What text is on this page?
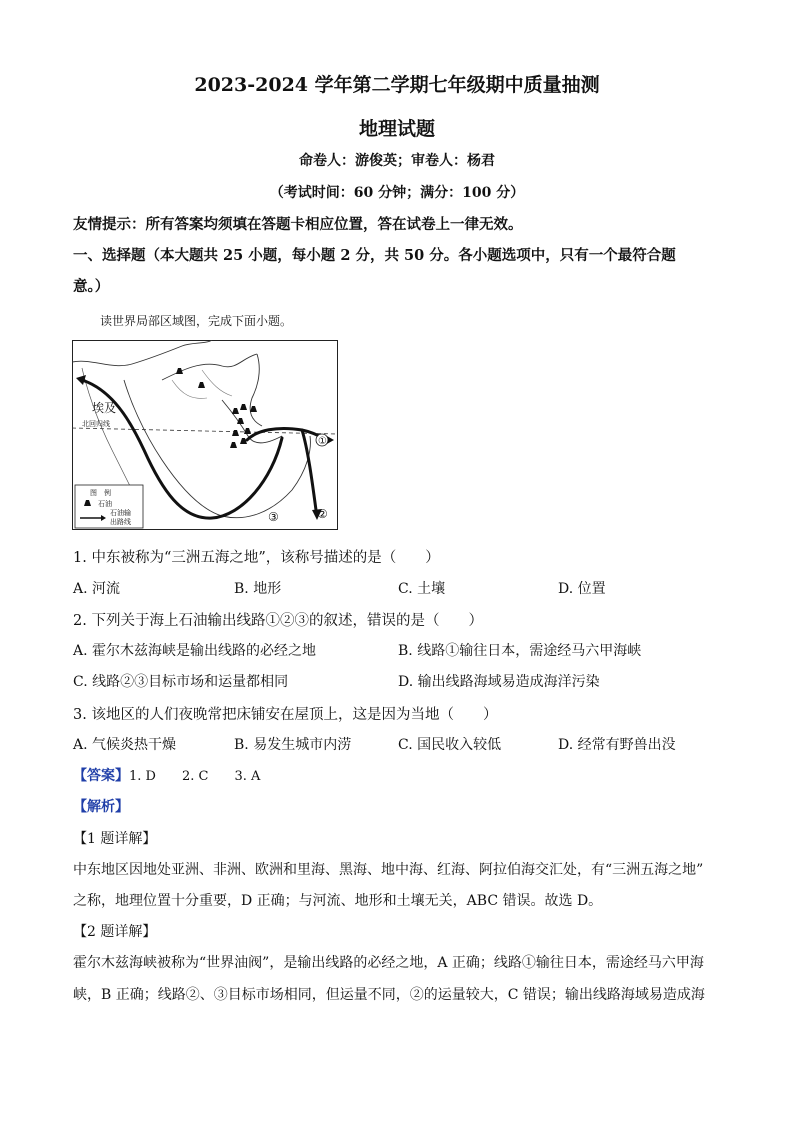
2023-2024 学年第二学期七年级期中质量抽测
地理试题
命卷人：游俊英；审卷人：杨君
（考试时间：60 分钟；满分：100 分）
友情提示：所有答案均须填在答题卡相应位置，答在试卷上一律无效。
一、选择题（本大题共 25 小题，每小题 2 分，共 50 分。各小题选项中，只有一个最符合题
意。）
读世界局部区域图，完成下面小题。
埃及
北回归线
①
②
③
图　例
石油
石油输
出路线
1. 中东被称为“三洲五海之地”，该称号描述的是（　　）
A. 河流	B. 地形	C. 土壤	D. 位置
2. 下列关于海上石油输出线路①②③的叙述，错误的是（　　）
A. 霍尔木兹海峡是输出线路的必经之地	B. 线路①输往日本，需途经马六甲海峡
C. 线路②③目标市场和运量都相同	D. 输出线路海域易造成海洋污染
3. 该地区的人们夜晚常把床铺安在屋顶上，这是因为当地（　　）
A. 气候炎热干燥	B. 易发生城市内涝	C. 国民收入较低	D. 经常有野兽出没
【答案】1. D 2. C 3. A
【解析】
【1 题详解】
中东地区因地处亚洲、非洲、欧洲和里海、黑海、地中海、红海、阿拉伯海交汇处，有“三洲五海之地”
之称，地理位置十分重要，D 正确；与河流、地形和土壤无关，ABC 错误。故选 D。
【2 题详解】
霍尔木兹海峡被称为“世界油阀”，是输出线路的必经之地，A 正确；线路①输往日本，需途经马六甲海
峡，B 正确；线路②、③目标市场相同，但运量不同，②的运量较大，C 错误；输出线路海域易造成海
